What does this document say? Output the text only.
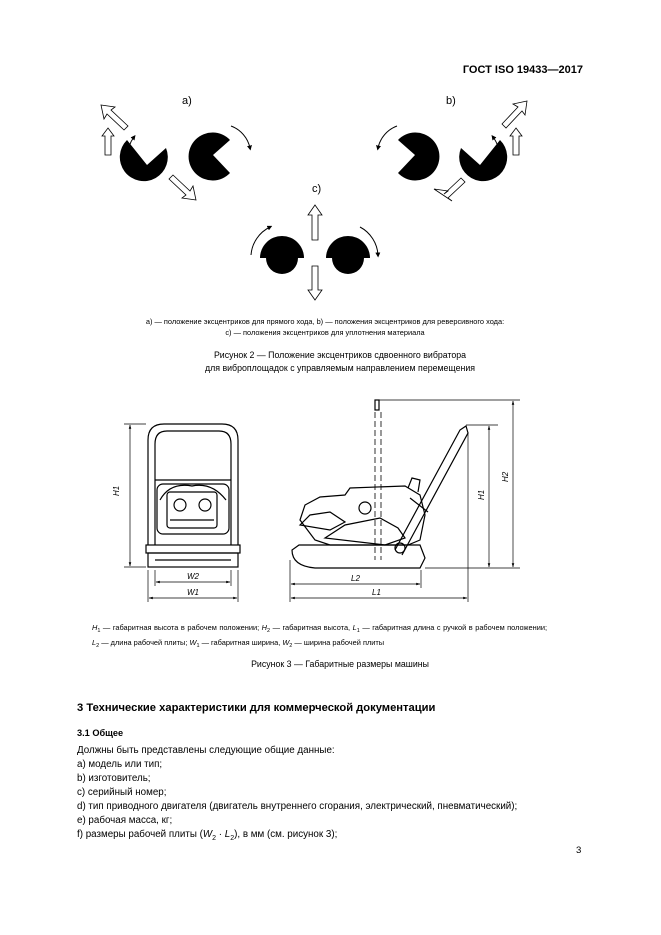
ГОСТ ISO 19433—2017
a)	b)
c)
а) — положение эксцентриков для прямого хода, b) — положения эксцентриков для реверсивного хода:
с) — положения эксцентриков для уплотнения материала
Рисунок 2 — Положение эксцентриков сдвоенного вибратора
для виброплощадок с управляемым направлением перемещения
H1
W2
W1
L2
L1
H1
H2
$H_1$ — габаритная высота в рабочем положении; $H_2$ — габаритная высота, $L_1$ — габаритная длина с ручкой в рабочем положении; $L_2$ — длина рабочей плиты; $W_1$ — габаритная ширина, $W_2$ — ширина рабочей плиты
Рисунок 3 — Габаритные размеры машины
3 Технические характеристики для коммерческой документации
3.1 Общее
Должны быть представлены следующие общие данные:
а) модель или тип;
b) изготовитель;
c) серийный номер;
d) тип приводного двигателя (двигатель внутреннего сгорания, электрический, пневматический);
е) рабочая масса, кг;
f) размеры рабочей плиты $(W_2 \cdot L_2)$, в мм (см. рисунок 3);
3
